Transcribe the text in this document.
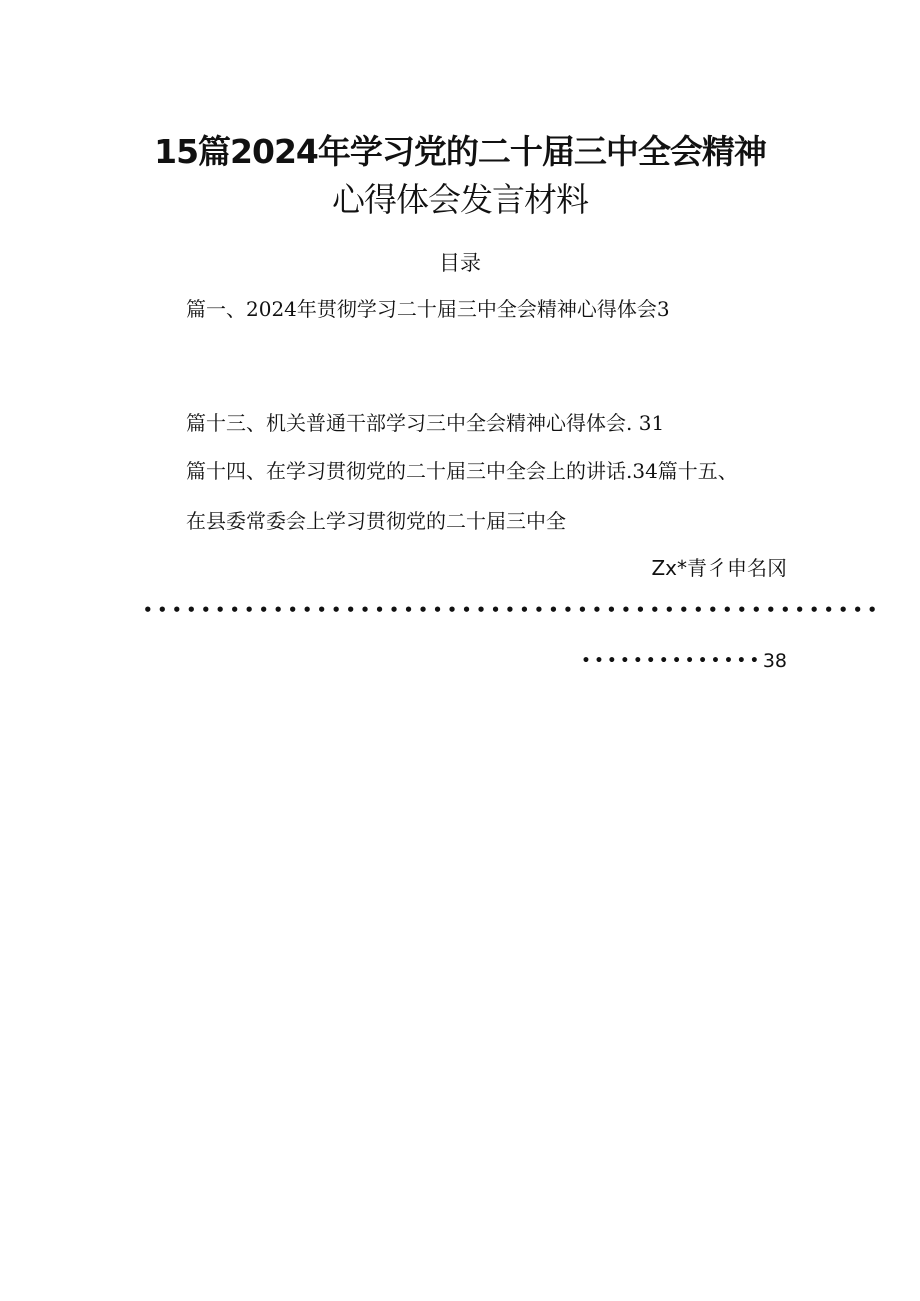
15篇2024年学习党的二十届三中全会精神
心得体会发言材料
目录
篇一、2024年贯彻学习二十届三中全会精神心得体会3
篇十三、机关普通干部学习三中全会精神心得体会. 31
篇十四、在学习贯彻党的二十届三中全会上的讲话.34篇十五、
在县委常委会上学习贯彻党的二十届三中全
Zx*青彳申名冈
•••••••••••••••••••••••••••••••••••••••••••••••••••
••••••••••••••38
